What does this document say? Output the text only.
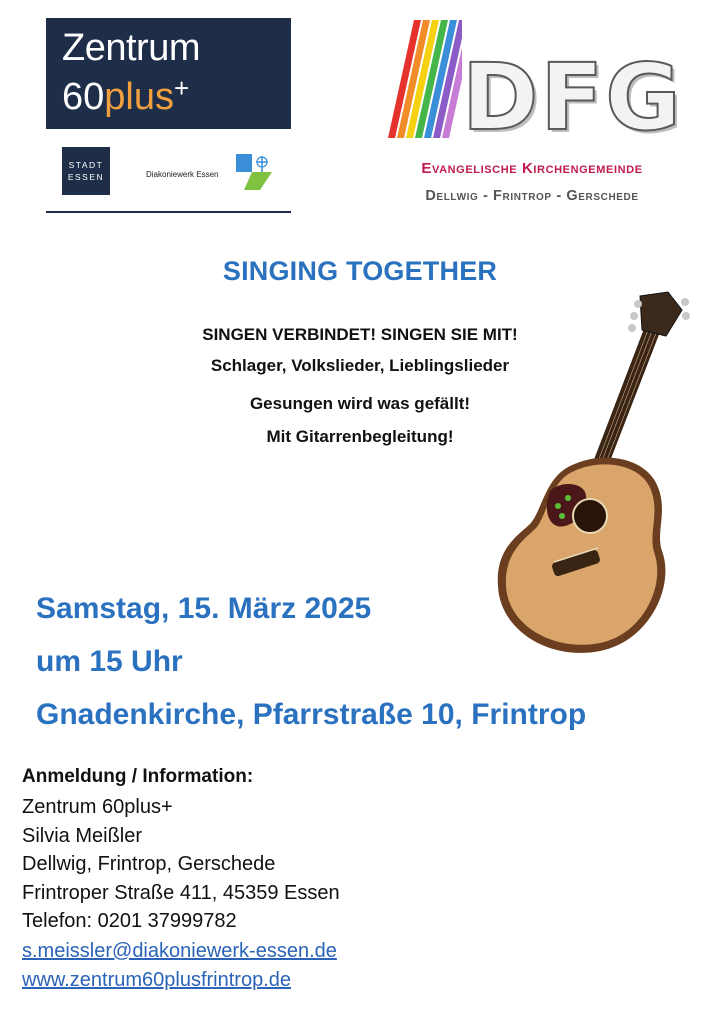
Zentrum
60plus+
STADT
ESSEN	Diakoniewerk Essen
DFG
Evangelische Kirchengemeinde
Dellwig - Frintrop - Gerschede
SINGING TOGETHER
SINGEN VERBINDET! SINGEN SIE MIT!
Schlager, Volkslieder, Lieblingslieder
Gesungen wird was gefällt!
Mit Gitarrenbegleitung!
Samstag, 15. März 2025
um 15 Uhr
Gnadenkirche, Pfarrstraße 10, Frintrop
Anmeldung / Information:
Zentrum 60plus+
Silvia Meißler
Dellwig, Frintrop, Gerschede
Frintroper Straße 411, 45359 Essen
Telefon: 0201 37999782
s.meissler@diakoniewerk-essen.de
www.zentrum60plusfrintrop.de
